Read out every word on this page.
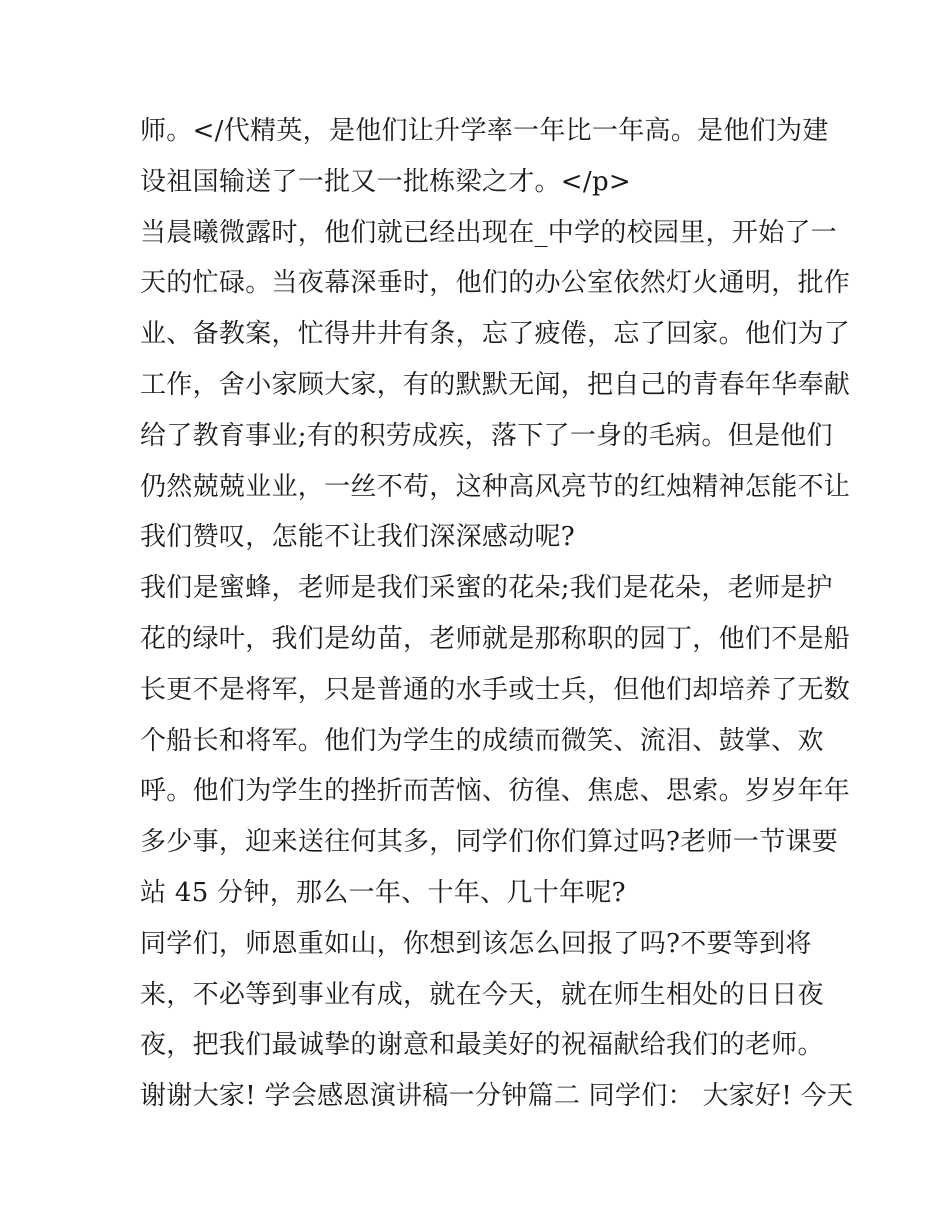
师。</代精英，是他们让升学率一年比一年高。是他们为建
设祖国输送了一批又一批栋梁之才。</p>
当晨曦微露时，他们就已经出现在_中学的校园里，开始了一
天的忙碌。当夜幕深垂时，他们的办公室依然灯火通明，批作
业、备教案，忙得井井有条，忘了疲倦，忘了回家。他们为了
工作，舍小家顾大家，有的默默无闻，把自己的青春年华奉献
给了教育事业;有的积劳成疾，落下了一身的毛病。但是他们
仍然兢兢业业，一丝不苟，这种高风亮节的红烛精神怎能不让
我们赞叹，怎能不让我们深深感动呢?
我们是蜜蜂，老师是我们采蜜的花朵;我们是花朵，老师是护
花的绿叶，我们是幼苗，老师就是那称职的园丁，他们不是船
长更不是将军，只是普通的水手或士兵，但他们却培养了无数
个船长和将军。他们为学生的成绩而微笑、流泪、鼓掌、欢
呼。他们为学生的挫折而苦恼、彷徨、焦虑、思索。岁岁年年
多少事，迎来送往何其多，同学们你们算过吗?老师一节课要
站 45 分钟，那么一年、十年、几十年呢?
同学们，师恩重如山，你想到该怎么回报了吗?不要等到将
来，不必等到事业有成，就在今天，就在师生相处的日日夜
夜，把我们最诚挚的谢意和最美好的祝福献给我们的老师。
谢谢大家! 学会感恩演讲稿一分钟篇二 同学们： 大家好! 今天
